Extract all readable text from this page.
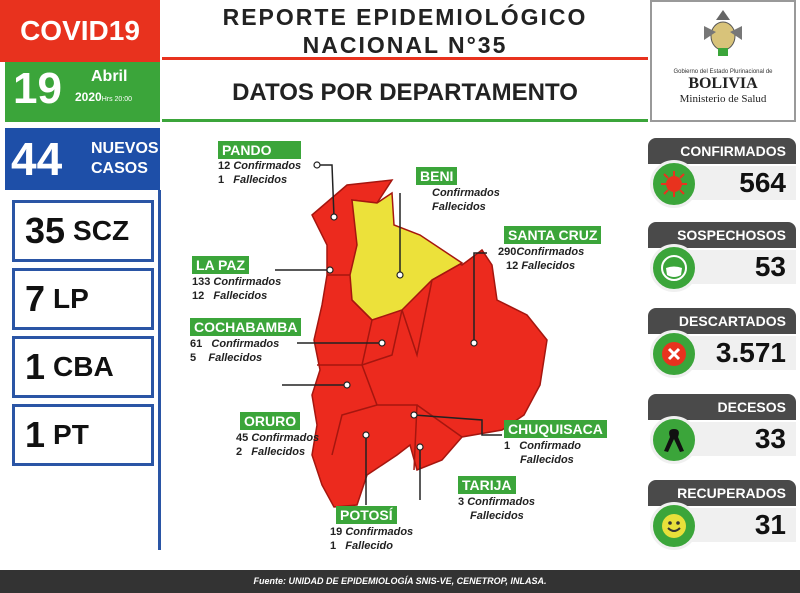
COVID19
19 Abril
2020Hrs 20:00
44 NUEVOS
CASOS
35 SCZ
7 LP
1 CBA
1 PT
REPORTE EPIDEMIOLÓGICO
NACIONAL N°35
DATOS POR DEPARTAMENTO
Gobierno del Estado Plurinacional de
BOLIVIA
Ministerio de Salud
PANDO
12 Confirmados
1 Fallecidos	BENI
Confirmados
Fallecidos
LA PAZ
133 Confirmados
12 Fallecidos
SANTA CRUZ
290Confirmados
12 Fallecidos
COCHABAMBA
61 Confirmados
5 Fallecidos
ORURO
45 Confirmados
2 Fallecidos
CHUQUISACA
1 Confirmado
Fallecidos
TARIJA
3 Confirmados
Fallecidos
POTOSÍ
19 Confirmados
1 Fallecido
CONFIRMADOS
564
SOSPECHOSOS
53
DESCARTADOS
3.571
DECESOS
33
RECUPERADOS
31
Fuente: UNIDAD DE EPIDEMIOLOGÍA SNIS-VE, CENETROP, INLASA.
